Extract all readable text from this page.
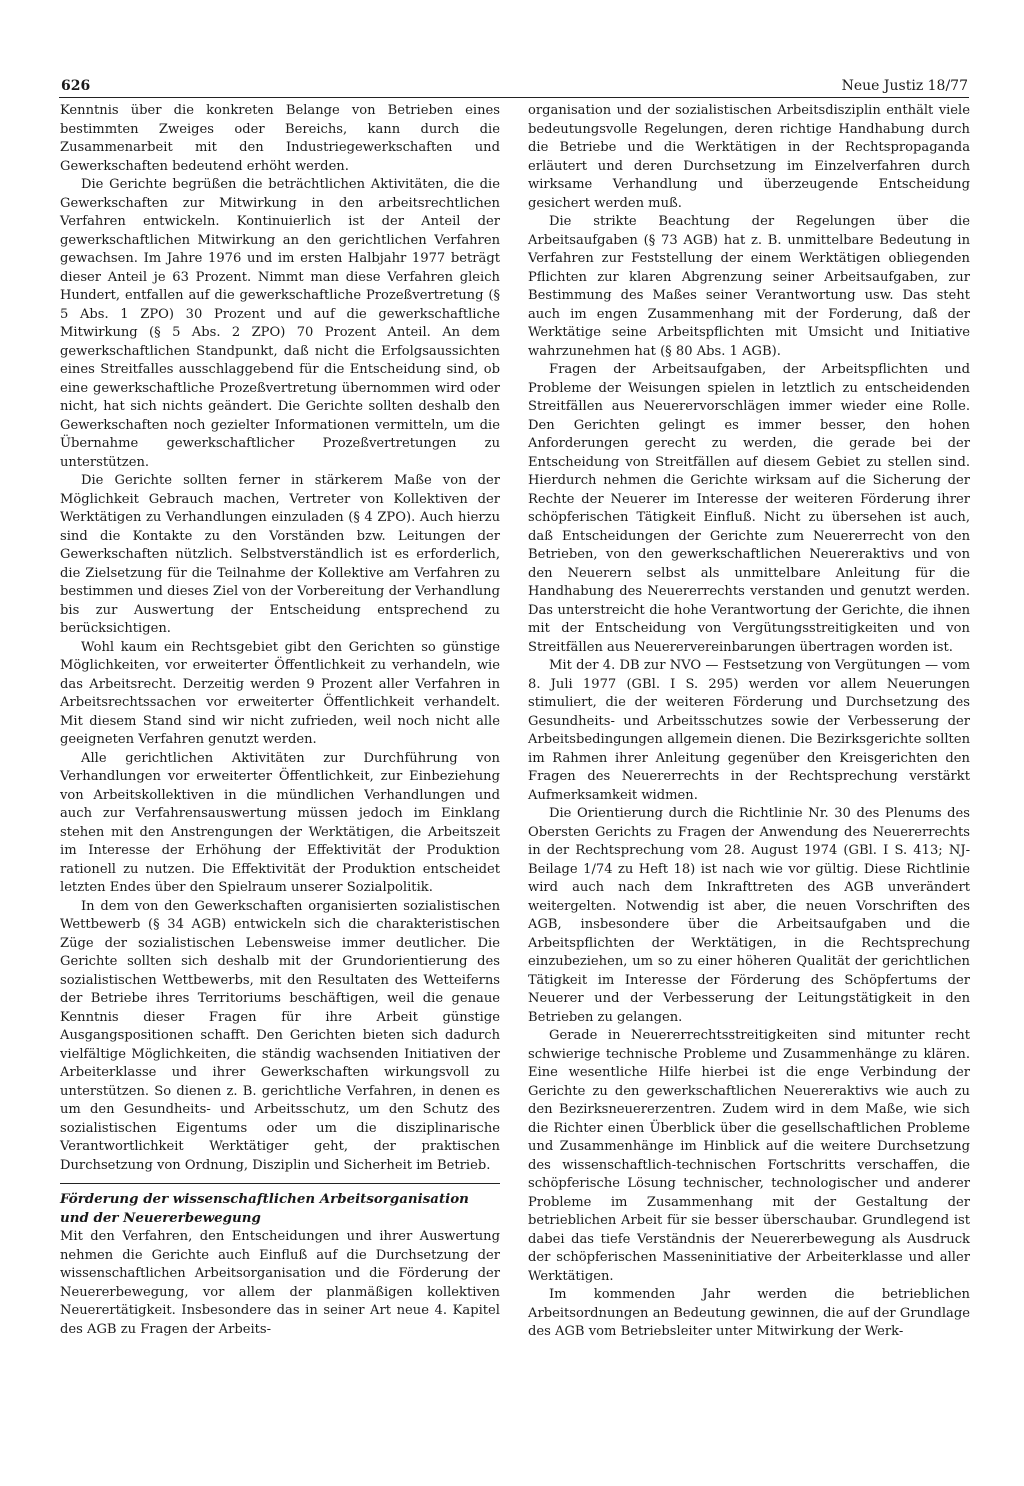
626	Neue Justiz 18/77

Kenntnis über die konkreten Belange von Betrieben eines bestimmten Zweiges oder Bereichs, kann durch die Zusammenarbeit mit den Industriegewerkschaften und Gewerkschaften bedeutend erhöht werden.

Die Gerichte begrüßen die beträchtlichen Aktivitäten, die die Gewerkschaften zur Mitwirkung in den arbeitsrechtlichen Verfahren entwickeln. Kontinuierlich ist der Anteil der gewerkschaftlichen Mitwirkung an den gerichtlichen Verfahren gewachsen. Im Jahre 1976 und im ersten Halbjahr 1977 beträgt dieser Anteil je 63 Prozent. Nimmt man diese Verfahren gleich Hundert, entfallen auf die gewerkschaftliche Prozeßvertretung (§ 5 Abs. 1 ZPO) 30 Prozent und auf die gewerkschaftliche Mitwirkung (§ 5 Abs. 2 ZPO) 70 Prozent Anteil. An dem gewerkschaftlichen Standpunkt, daß nicht die Erfolgsaussichten eines Streitfalles ausschlaggebend für die Entscheidung sind, ob eine gewerkschaftliche Prozeßvertretung übernommen wird oder nicht, hat sich nichts geändert. Die Gerichte sollten deshalb den Gewerkschaften noch gezielter Informationen vermitteln, um die Übernahme gewerkschaftlicher Prozeßvertretungen zu unterstützen.

Die Gerichte sollten ferner in stärkerem Maße von der Möglichkeit Gebrauch machen, Vertreter von Kollektiven der Werktätigen zu Verhandlungen einzuladen (§ 4 ZPO). Auch hierzu sind die Kontakte zu den Vorständen bzw. Leitungen der Gewerkschaften nützlich. Selbstverständlich ist es erforderlich, die Zielsetzung für die Teilnahme der Kollektive am Verfahren zu bestimmen und dieses Ziel von der Vorbereitung der Verhandlung bis zur Auswertung der Entscheidung entsprechend zu berücksichtigen.

Wohl kaum ein Rechtsgebiet gibt den Gerichten so günstige Möglichkeiten, vor erweiterter Öffentlichkeit zu verhandeln, wie das Arbeitsrecht. Derzeitig werden 9 Prozent aller Verfahren in Arbeitsrechtssachen vor erweiterter Öffentlichkeit verhandelt. Mit diesem Stand sind wir nicht zufrieden, weil noch nicht alle geeigneten Verfahren genutzt werden.

Alle gerichtlichen Aktivitäten zur Durchführung von Verhandlungen vor erweiterter Öffentlichkeit, zur Einbeziehung von Arbeitskollektiven in die mündlichen Verhandlungen und auch zur Verfahrensauswertung müssen jedoch im Einklang stehen mit den Anstrengungen der Werktätigen, die Arbeitszeit im Interesse der Erhöhung der Effektivität der Produktion rationell zu nutzen. Die Effektivität der Produktion entscheidet letzten Endes über den Spielraum unserer Sozialpolitik.

In dem von den Gewerkschaften organisierten sozialistischen Wettbewerb (§ 34 AGB) entwickeln sich die charakteristischen Züge der sozialistischen Lebensweise immer deutlicher. Die Gerichte sollten sich deshalb mit der Grundorientierung des sozialistischen Wettbewerbs, mit den Resultaten des Wetteiferns der Betriebe ihres Territoriums beschäftigen, weil die genaue Kenntnis dieser Fragen für ihre Arbeit günstige Ausgangspositionen schafft. Den Gerichten bieten sich dadurch vielfältige Möglichkeiten, die ständig wachsenden Initiativen der Arbeiterklasse und ihrer Gewerkschaften wirkungsvoll zu unterstützen. So dienen z. B. gerichtliche Verfahren, in denen es um den Gesundheits- und Arbeitsschutz, um den Schutz des sozialistischen Eigentums oder um die disziplinarische Verantwortlichkeit Werktätiger geht, der praktischen Durchsetzung von Ordnung, Disziplin und Sicherheit im Betrieb.

Förderung der wissenschaftlichen Arbeitsorganisation und der Neuererbewegung

Mit den Verfahren, den Entscheidungen und ihrer Auswertung nehmen die Gerichte auch Einfluß auf die Durchsetzung der wissenschaftlichen Arbeitsorganisation und die Förderung der Neuererbewegung, vor allem der planmäßigen kollektiven Neuerertätigkeit. Insbesondere das in seiner Art neue 4. Kapitel des AGB zu Fragen der Arbeits-

organisation und der sozialistischen Arbeitsdisziplin enthält viele bedeutungsvolle Regelungen, deren richtige Handhabung durch die Betriebe und die Werktätigen in der Rechtspropaganda erläutert und deren Durchsetzung im Einzelverfahren durch wirksame Verhandlung und überzeugende Entscheidung gesichert werden muß.

Die strikte Beachtung der Regelungen über die Arbeitsaufgaben (§ 73 AGB) hat z. B. unmittelbare Bedeutung in Verfahren zur Feststellung der einem Werktätigen obliegenden Pflichten zur klaren Abgrenzung seiner Arbeitsaufgaben, zur Bestimmung des Maßes seiner Verantwortung usw. Das steht auch im engen Zusammenhang mit der Forderung, daß der Werktätige seine Arbeitspflichten mit Umsicht und Initiative wahrzunehmen hat (§ 80 Abs. 1 AGB).

Fragen der Arbeitsaufgaben, der Arbeitspflichten und Probleme der Weisungen spielen in letztlich zu entscheidenden Streitfällen aus Neuerervorschlägen immer wieder eine Rolle. Den Gerichten gelingt es immer besser, den hohen Anforderungen gerecht zu werden, die gerade bei der Entscheidung von Streitfällen auf diesem Gebiet zu stellen sind. Hierdurch nehmen die Gerichte wirksam auf die Sicherung der Rechte der Neuerer im Interesse der weiteren Förderung ihrer schöpferischen Tätigkeit Einfluß. Nicht zu übersehen ist auch, daß Entscheidungen der Gerichte zum Neuererrecht von den Betrieben, von den gewerkschaftlichen Neuereraktivs und von den Neuerern selbst als unmittelbare Anleitung für die Handhabung des Neuererrechts verstanden und genutzt werden. Das unterstreicht die hohe Verantwortung der Gerichte, die ihnen mit der Entscheidung von Vergütungsstreitigkeiten und von Streitfällen aus Neuerervereinbarungen übertragen worden ist.

Mit der 4. DB zur NVO — Festsetzung von Vergütungen — vom 8. Juli 1977 (GBl. I S. 295) werden vor allem Neuerungen stimuliert, die der weiteren Förderung und Durchsetzung des Gesundheits- und Arbeitsschutzes sowie der Verbesserung der Arbeitsbedingungen allgemein dienen. Die Bezirksgerichte sollten im Rahmen ihrer Anleitung gegenüber den Kreisgerichten den Fragen des Neuererrechts in der Rechtsprechung verstärkt Aufmerksamkeit widmen.

Die Orientierung durch die Richtlinie Nr. 30 des Plenums des Obersten Gerichts zu Fragen der Anwendung des Neuererrechts in der Rechtsprechung vom 28. August 1974 (GBl. I S. 413; NJ-Beilage 1/74 zu Heft 18) ist nach wie vor gültig. Diese Richtlinie wird auch nach dem Inkrafttreten des AGB unverändert weitergelten. Notwendig ist aber, die neuen Vorschriften des AGB, insbesondere über die Arbeitsaufgaben und die Arbeitspflichten der Werktätigen, in die Rechtsprechung einzubeziehen, um so zu einer höheren Qualität der gerichtlichen Tätigkeit im Interesse der Förderung des Schöpfertums der Neuerer und der Verbesserung der Leitungstätigkeit in den Betrieben zu gelangen.

Gerade in Neuererrechtsstreitigkeiten sind mitunter recht schwierige technische Probleme und Zusammenhänge zu klären. Eine wesentliche Hilfe hierbei ist die enge Verbindung der Gerichte zu den gewerkschaftlichen Neuereraktivs wie auch zu den Bezirksneuererzentren. Zudem wird in dem Maße, wie sich die Richter einen Überblick über die gesellschaftlichen Probleme und Zusammenhänge im Hinblick auf die weitere Durchsetzung des wissenschaftlich-technischen Fortschritts verschaffen, die schöpferische Lösung technischer, technologischer und anderer Probleme im Zusammenhang mit der Gestaltung der betrieblichen Arbeit für sie besser überschaubar. Grundlegend ist dabei das tiefe Verständnis der Neuererbewegung als Ausdruck der schöpferischen Masseninitiative der Arbeiterklasse und aller Werktätigen.

Im kommenden Jahr werden die betrieblichen Arbeitsordnungen an Bedeutung gewinnen, die auf der Grundlage des AGB vom Betriebsleiter unter Mitwirkung der Werk-
